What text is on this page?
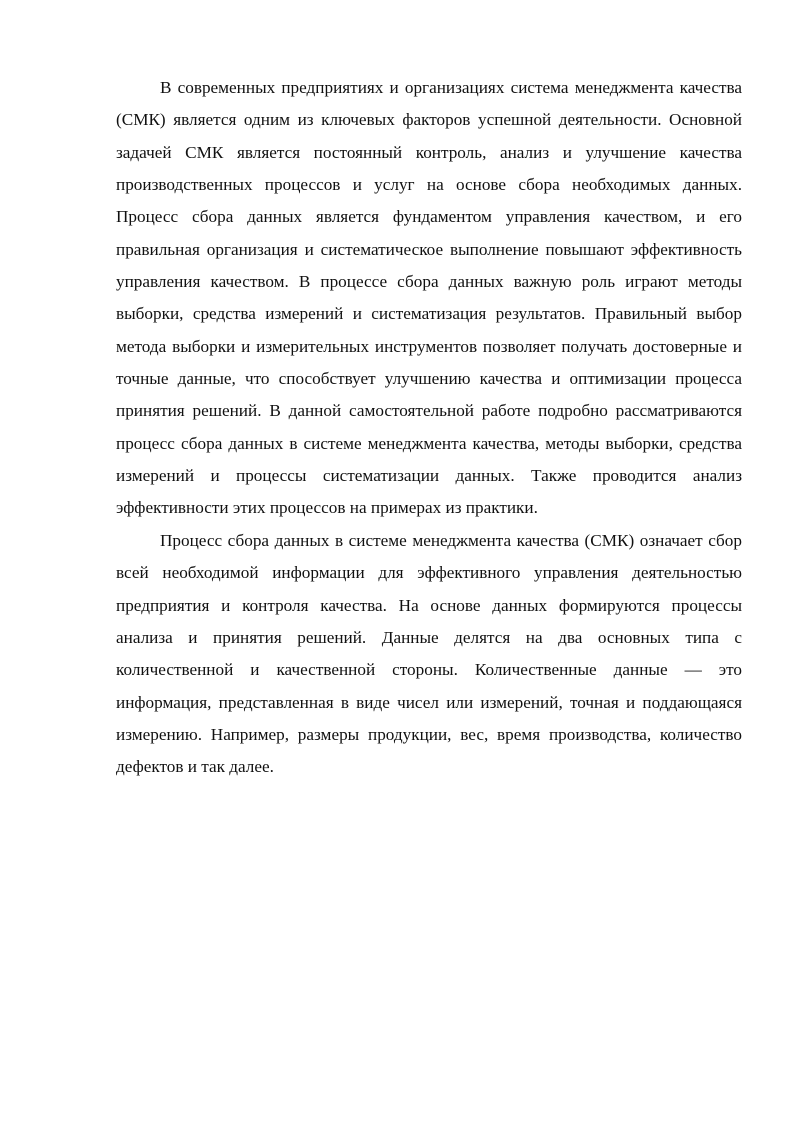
В современных предприятиях и организациях система менеджмента качества (СМК) является одним из ключевых факторов успешной деятельности. Основной задачей СМК является постоянный контроль, анализ и улучшение качества производственных процессов и услуг на основе сбора необходимых данных. Процесс сбора данных является фундаментом управления качеством, и его правильная организация и систематическое выполнение повышают эффективность управления качеством. В процессе сбора данных важную роль играют методы выборки, средства измерений и систематизация результатов. Правильный выбор метода выборки и измерительных инструментов позволяет получать достоверные и точные данные, что способствует улучшению качества и оптимизации процесса принятия решений. В данной самостоятельной работе подробно рассматриваются процесс сбора данных в системе менеджмента качества, методы выборки, средства измерений и процессы систематизации данных. Также проводится анализ эффективности этих процессов на примерах из практики.

Процесс сбора данных в системе менеджмента качества (СМК) означает сбор всей необходимой информации для эффективного управления деятельностью предприятия и контроля качества. На основе данных формируются процессы анализа и принятия решений. Данные делятся на два основных типа с количественной и качественной стороны. Количественные данные — это информация, представленная в виде чисел или измерений, точная и поддающаяся измерению. Например, размеры продукции, вес, время производства, количество дефектов и так далее.
